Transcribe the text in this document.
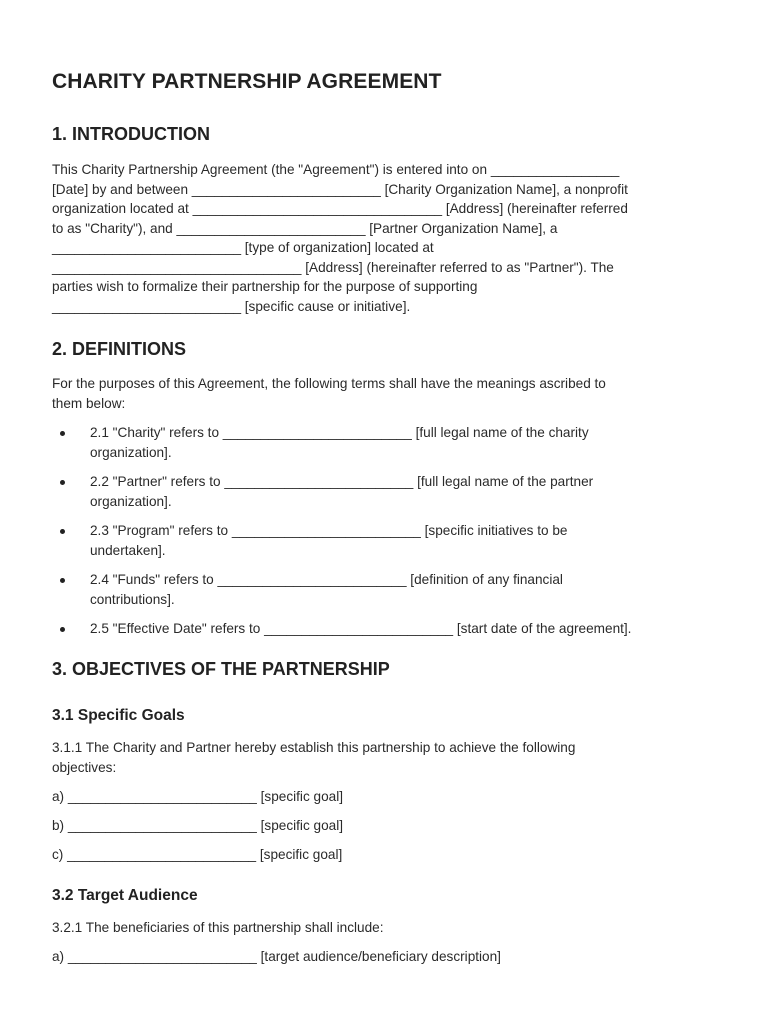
CHARITY PARTNERSHIP AGREEMENT
1. INTRODUCTION
This Charity Partnership Agreement (the "Agreement") is entered into on _________________
[Date] by and between _________________________ [Charity Organization Name], a nonprofit
organization located at _________________________________ [Address] (hereinafter referred
to as "Charity"), and _________________________ [Partner Organization Name], a
_________________________ [type of organization] located at
_________________________________ [Address] (hereinafter referred to as "Partner"). The
parties wish to formalize their partnership for the purpose of supporting
_________________________ [specific cause or initiative].
2. DEFINITIONS
For the purposes of this Agreement, the following terms shall have the meanings ascribed to
them below:
2.1 "Charity" refers to _________________________ [full legal name of the charity
organization].
2.2 "Partner" refers to _________________________ [full legal name of the partner
organization].
2.3 "Program" refers to _________________________ [specific initiatives to be
undertaken].
2.4 "Funds" refers to _________________________ [definition of any financial
contributions].
2.5 "Effective Date" refers to _________________________ [start date of the agreement].
3. OBJECTIVES OF THE PARTNERSHIP
3.1 Specific Goals
3.1.1 The Charity and Partner hereby establish this partnership to achieve the following
objectives:

a) _________________________ [specific goal]

b) _________________________ [specific goal]

c) _________________________ [specific goal]

3.2 Target Audience

3.2.1 The beneficiaries of this partnership shall include:

a) _________________________ [target audience/beneficiary description]
